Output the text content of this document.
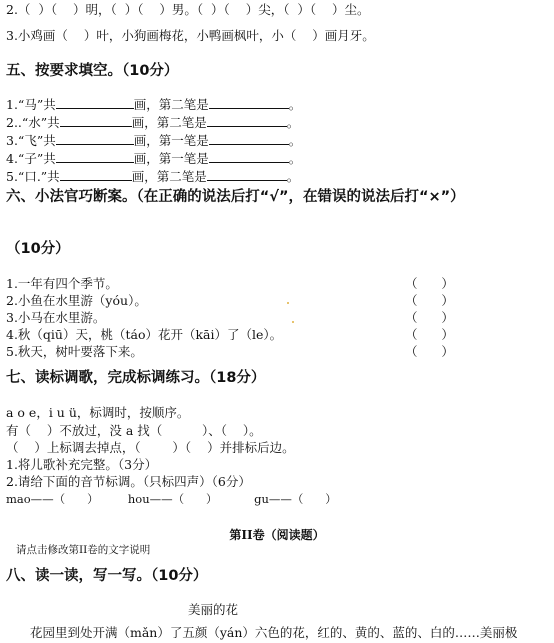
2.（  ）（    ）明，（  ）（    ）男。（  ）（    ）尖，（  ）（    ）尘。
3.小鸡画（    ）叶，小狗画梅花，小鸭画枫叶，小（    ）画月牙。
五、按要求填空。（10分）
1.“马”共	画，第二笔是	。
2..“水”共	画，第二笔是	。
3.“飞”共	画，第一笔是	。
4.“子”共	画，第一笔是	。
5.“口.”共	画，第二笔是	。
六、小法官巧断案。（在正确的说法后打“√”，在错误的说法后打“×”）
（10分）
1.一年有四个季节。	（      ）
2.小鱼在水里游（yóu）。	（      ）
3.小马在水里游。	（      ）
4.秋（qiū）天，桃（táo）花开（kāi）了（le）。	（      ）
5.秋天，树叶要落下来。	（      ）
七、读标调歌，完成标调练习。（18分）
a o e，i u ü，标调时，按顺序。
有（    ）不放过，没 a 找（          ）、（    ）。
（    ）上标调去掉点，（        ）（    ）并排标后边。
1.将儿歌补充完整。（3分）
2.请给下面的音节标调。（只标四声）（6分）
mao——（      ）        hou——（      ）          gu——（      ）
第II卷（阅读题）
请点击修改第II卷的文字说明
八、读一读，写一写。（10分）
美丽的花
花园里到处开满（mǎn）了五颜（yán）六色的花，红的、黄的、蓝的、白的……美丽极
